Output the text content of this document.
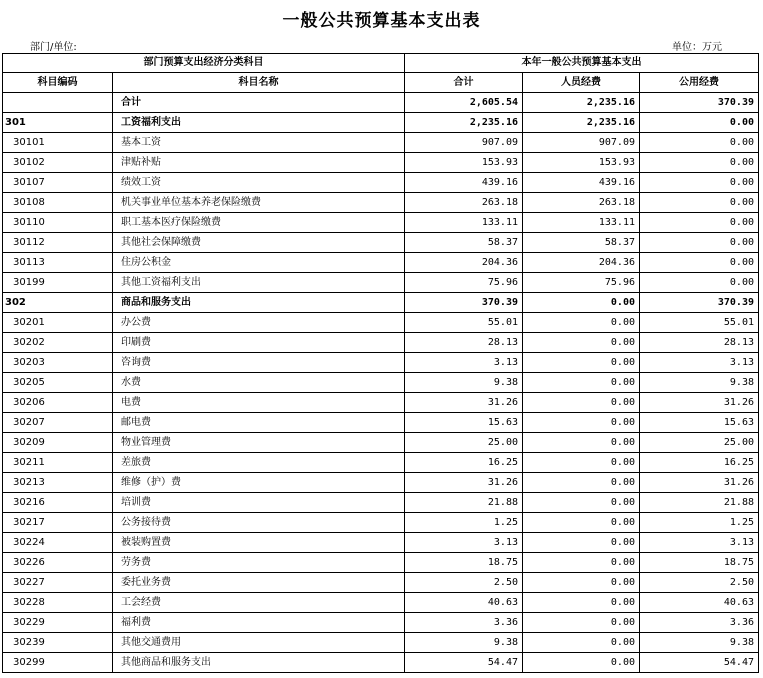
一般公共预算基本支出表
部门/单位:	单位：万元
部门预算支出经济分类科目		本年一般公共预算基本支出		
科目编码	科目名称	合计	人员经费	公用经费
	合计	2,605.54	2,235.16	370.39
301	工资福利支出	2,235.16	2,235.16	0.00
30101	基本工资	907.09	907.09	0.00
30102	津贴补贴	153.93	153.93	0.00
30107	绩效工资	439.16	439.16	0.00
30108	机关事业单位基本养老保险缴费	263.18	263.18	0.00
30110	职工基本医疗保险缴费	133.11	133.11	0.00
30112	其他社会保障缴费	58.37	58.37	0.00
30113	住房公积金	204.36	204.36	0.00
30199	其他工资福利支出	75.96	75.96	0.00
302	商品和服务支出	370.39	0.00	370.39
30201	办公费	55.01	0.00	55.01
30202	印刷费	28.13	0.00	28.13
30203	咨询费	3.13	0.00	3.13
30205	水费	9.38	0.00	9.38
30206	电费	31.26	0.00	31.26
30207	邮电费	15.63	0.00	15.63
30209	物业管理费	25.00	0.00	25.00
30211	差旅费	16.25	0.00	16.25
30213	维修（护）费	31.26	0.00	31.26
30216	培训费	21.88	0.00	21.88
30217	公务接待费	1.25	0.00	1.25
30224	被装购置费	3.13	0.00	3.13
30226	劳务费	18.75	0.00	18.75
30227	委托业务费	2.50	0.00	2.50
30228	工会经费	40.63	0.00	40.63
30229	福利费	3.36	0.00	3.36
30239	其他交通费用	9.38	0.00	9.38
30299	其他商品和服务支出	54.47	0.00	54.47
